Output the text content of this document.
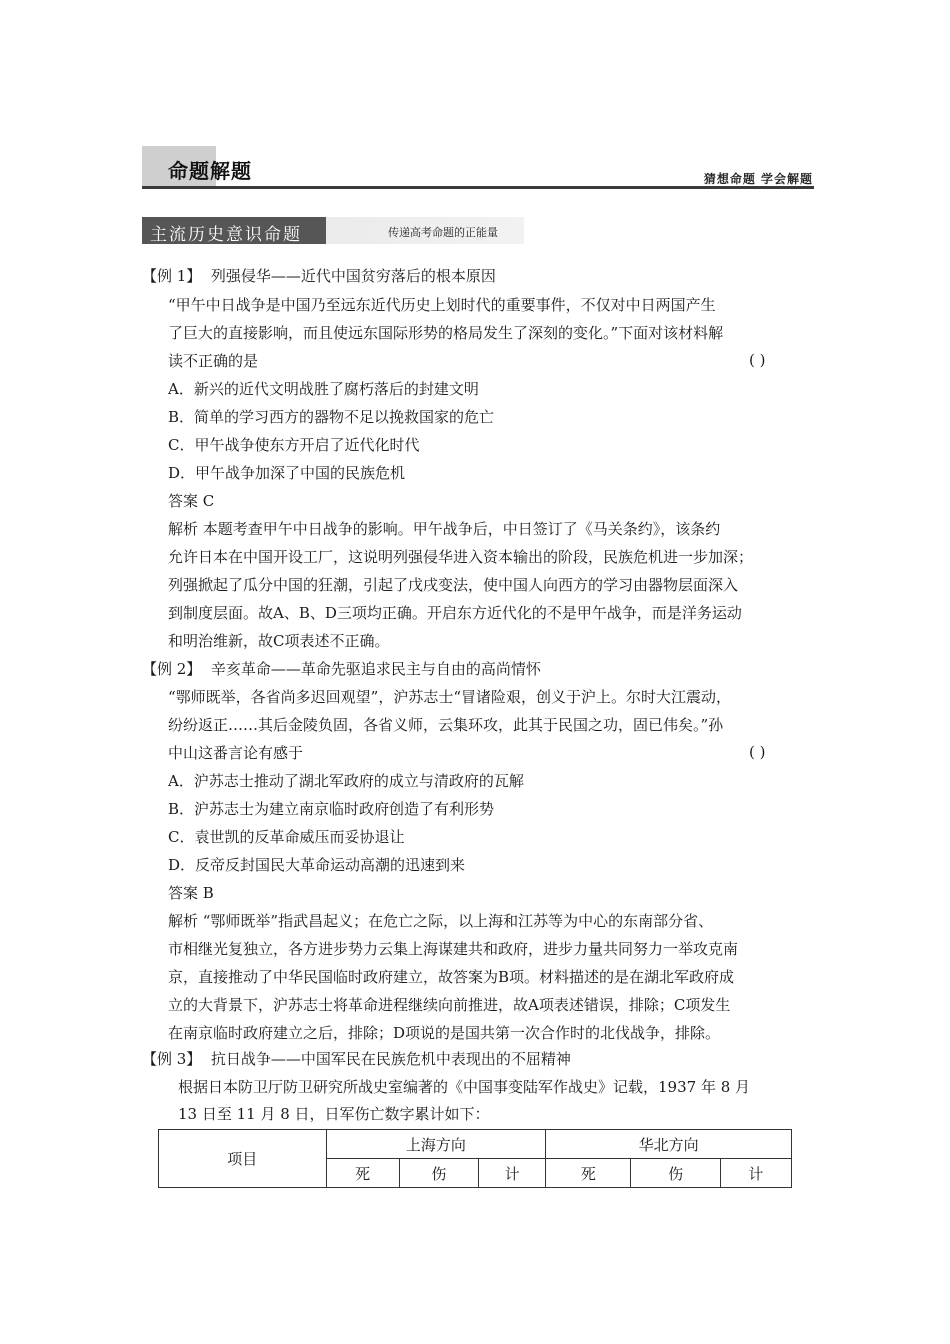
命题解题	猜想命题 学会解题
主流历史意识命题	传递高考命题的正能量
【例 1】 列强侵华——近代中国贫穷落后的根本原因
“甲午中日战争是中国乃至远东近代历史上划时代的重要事件，不仅对中日两国产生
了巨大的直接影响，而且使远东国际形势的格局发生了深刻的变化。”下面对该材料解
读不正确的是	( )
A．新兴的近代文明战胜了腐朽落后的封建文明
B．简单的学习西方的器物不足以挽救国家的危亡
C．甲午战争使东方开启了近代化时代
D．甲午战争加深了中国的民族危机
答案 C
解析 本题考查甲午中日战争的影响。甲午战争后，中日签订了《马关条约》，该条约
允许日本在中国开设工厂，这说明列强侵华进入资本输出的阶段，民族危机进一步加深；
列强掀起了瓜分中国的狂潮，引起了戊戌变法，使中国人向西方的学习由器物层面深入
到制度层面。故A、B、D三项均正确。开启东方近代化的不是甲午战争，而是洋务运动
和明治维新，故C项表述不正确。
【例 2】 辛亥革命——革命先驱追求民主与自由的高尚情怀
“鄂师既举，各省尚多迟回观望”，沪苏志士“冒诸险艰，创义于沪上。尔时大江震动，
纷纷返正……其后金陵负固，各省义师，云集环攻，此其于民国之功，固已伟矣。”孙
中山这番言论有感于	( )
A．沪苏志士推动了湖北军政府的成立与清政府的瓦解
B．沪苏志士为建立南京临时政府创造了有利形势
C．袁世凯的反革命威压而妥协退让
D．反帝反封国民大革命运动高潮的迅速到来
答案 B
解析 “鄂师既举”指武昌起义；在危亡之际，以上海和江苏等为中心的东南部分省、
市相继光复独立，各方进步势力云集上海谋建共和政府，进步力量共同努力一举攻克南
京，直接推动了中华民国临时政府建立，故答案为B项。材料描述的是在湖北军政府成
立的大背景下，沪苏志士将革命进程继续向前推进，故A项表述错误，排除；C项发生
在南京临时政府建立之后，排除；D项说的是国共第一次合作时的北伐战争，排除。
【例 3】 抗日战争——中国军民在民族危机中表现出的不屈精神
根据日本防卫厅防卫研究所战史室编著的《中国事变陆军作战史》记载，1937 年 8 月
13 日至 11 月 8 日，日军伤亡数字累计如下：
项目	上海方向			华北方向		
	死	伤	计	死	伤	计
